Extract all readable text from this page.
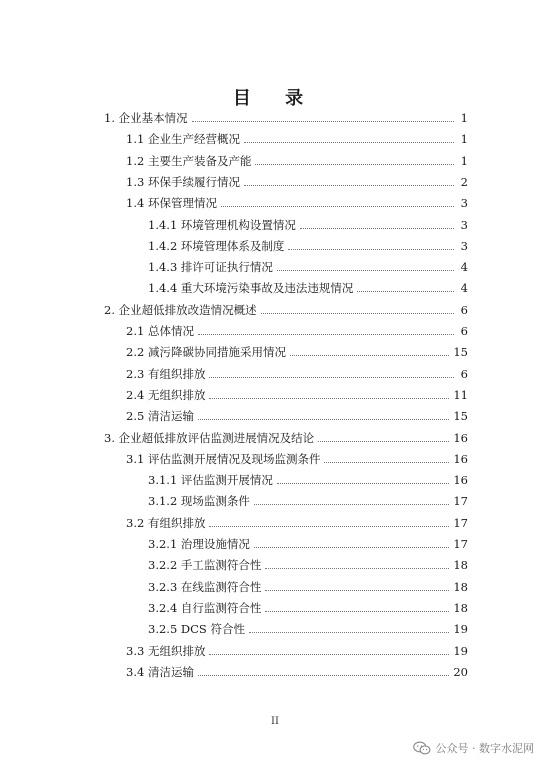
目 录
1. 企业基本情况	1
1.1 企业生产经营概况	1
1.2 主要生产装备及产能	1
1.3 环保手续履行情况	2
1.4 环保管理情况	3
1.4.1 环境管理机构设置情况	3
1.4.2 环境管理体系及制度	3
1.4.3 排许可证执行情况	4
1.4.4 重大环境污染事故及违法违规情况	4
2. 企业超低排放改造情况概述	6
2.1 总体情况	6
2.2 减污降碳协同措施采用情况	15
2.3 有组织排放	6
2.4 无组织排放	11
2.5 清洁运输	15
3. 企业超低排放评估监测进展情况及结论	16
3.1 评估监测开展情况及现场监测条件	16
3.1.1 评估监测开展情况	16
3.1.2 现场监测条件	17
3.2 有组织排放	17
3.2.1 治理设施情况	17
3.2.2 手工监测符合性	18
3.2.3 在线监测符合性	18
3.2.4 自行监测符合性	18
3.2.5 DCS 符合性	19
3.3 无组织排放	19
3.4 清洁运输	20
II
公众号 · 数字水泥网
